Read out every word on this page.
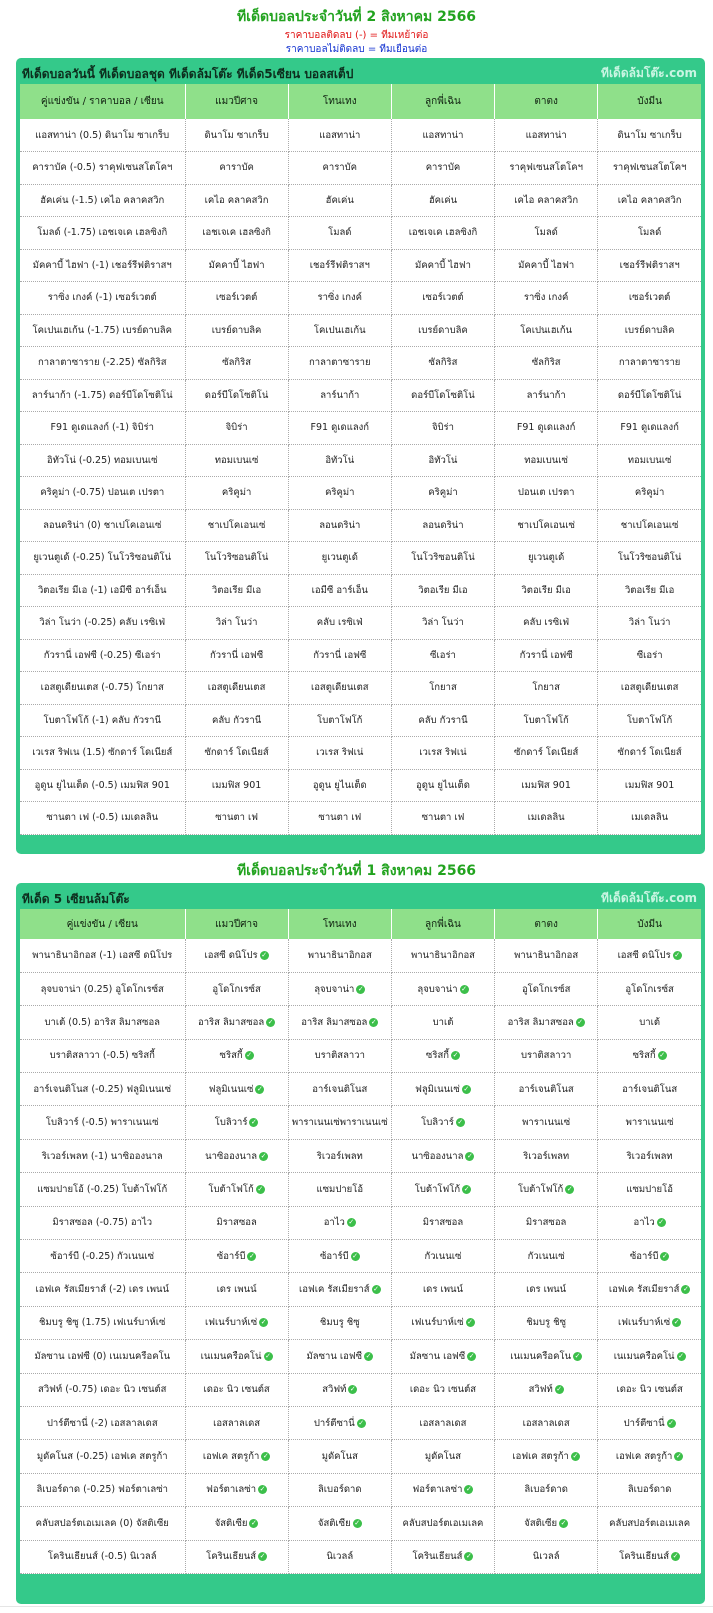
ทีเด็ดบอลประจำวันที่ 2 สิงหาคม 2566
ราคาบอลติดลบ (-) = ทีมเหย้าต่อ
ราคาบอลไม่ติดลบ = ทีมเยือนต่อ
ทีเด็ดบอลวันนี้ ทีเด็ดบอลชุด ทีเด็ดล้มโต๊ะ ทีเด็ด5เซียน บอลสเต็ป	ทีเด็ดล้มโต๊ะ.com
คู่แข่งขัน / ราคาบอล / เซียน	แมวปีศาจ	โทนเทง	ลูกพี่เฉิน	ตาตง	บังมีน
แอสทาน่า (0.5) ดินาโม ซาเกร็บ	ดินาโม ซาเกร็บ	แอสทาน่า	แอสทาน่า	แอสทาน่า	ดินาโม ซาเกร็บ
คาราบัค (-0.5) ราคุฟเซนสโตโคฯ	คาราบัค	คาราบัค	คาราบัค	ราคุฟเซนสโตโคฯ	ราคุฟเซนสโตโคฯ
ฮัคเค่น (-1.5) เคไอ คลาคสวิก	เคไอ คลาคสวิก	ฮัคเค่น	ฮัคเค่น	เคไอ คลาคสวิก	เคไอ คลาคสวิก
โมลด์ (-1.75) เอชเจเค เฮลซิงกิ	เอชเจเค เฮลซิงกิ	โมลด์	เอชเจเค เฮลซิงกิ	โมลด์	โมลด์
มัคคาบี้ ไฮฟา (-1) เชอร์รีฟติราสฯ	มัคคาบี้ ไฮฟา	เชอร์รีฟติราสฯ	มัคคาบี้ ไฮฟา	มัคคาบี้ ไฮฟา	เชอร์รีฟติราสฯ
ราซิ่ง เกงค์ (-1) เซอร์เวตต์	เซอร์เวตต์	ราซิ่ง เกงค์	เซอร์เวตต์	ราซิ่ง เกงค์	เซอร์เวตต์
โคเปนเฮเก้น (-1.75) เบรย์ดาบลิค	เบรย์ดาบลิค	โคเปนเฮเก้น	เบรย์ดาบลิค	โคเปนเฮเก้น	เบรย์ดาบลิค
กาลาตาซาราย (-2.25) ซัลกิริส	ซัลกิริส	กาลาตาซาราย	ซัลกิริส	ซัลกิริส	กาลาตาซาราย
ลาร์นาก้า (-1.75) ดอร์บีโดโซติโน่	ดอร์บีโดโซติโน่	ลาร์นาก้า	ดอร์บีโดโซติโน่	ลาร์นาก้า	ดอร์บีโดโซติโน่
F91 ดูเดแลงก์ (-1) จิบิร่า	จิบิร่า	F91 ดูเดแลงก์	จิบิร่า	F91 ดูเดแลงก์	F91 ดูเดแลงก์
อิทัวโน่ (-0.25) ทอมเบนเซ่	ทอมเบนเซ่	อิทัวโน่	อิทัวโน่	ทอมเบนเซ่	ทอมเบนเซ่
คริคูม่า (-0.75) ปอนเต เปรตา	คริคูม่า	คริคูม่า	คริคูม่า	ปอนเต เปรตา	คริคูม่า
ลอนดริน่า (0) ชาเปโคเอนเซ่	ชาเปโคเอนเซ่	ลอนดริน่า	ลอนดริน่า	ชาเปโคเอนเซ่	ชาเปโคเอนเซ่
ยูเวนตูเด้ (-0.25) โนโวริซอนติโน่	โนโวริซอนติโน่	ยูเวนตูเด้	โนโวริซอนติโน่	ยูเวนตูเด้	โนโวริซอนติโน่
วิตอเรีย มีเอ (-1) เอมีซี อาร์เอ็น	วิตอเรีย มีเอ	เอมีซี อาร์เอ็น	วิตอเรีย มีเอ	วิตอเรีย มีเอ	วิตอเรีย มีเอ
วิล่า โนว่า (-0.25) คลับ เรซิเฟ่	วิล่า โนว่า	คลับ เรซิเฟ่	วิล่า โนว่า	คลับ เรซิเฟ่	วิล่า โนว่า
กัวรานี่ เอฟซี (-0.25) ซีเอร่า	กัวรานี่ เอฟซี	กัวรานี่ เอฟซี	ซีเอร่า	กัวรานี่ เอฟซี	ซีเอร่า
เอสตูเดียนเตส (-0.75) โกยาส	เอสตูเดียนเตส	เอสตูเดียนเตส	โกยาส	โกยาส	เอสตูเดียนเตส
โบตาโฟโก้ (-1) คลับ กัวรานี	คลับ กัวรานี	โบตาโฟโก้	คลับ กัวรานี	โบตาโฟโก้	โบตาโฟโก้
เวเรส ริฟเน (1.5) ซักดาร์ โดเนียส์	ซักดาร์ โดเนียส์	เวเรส ริฟเน่	เวเรส ริฟเน่	ซักดาร์ โดเนียส์	ซักดาร์ โดเนียส์
อูดูน ยูไนเต็ด (-0.5) เมมฟิส 901	เมมฟิส 901	อูดูน ยูไนเต็ด	อูดูน ยูไนเต็ด	เมมฟิส 901	เมมฟิส 901
ซานตา เฟ (-0.5) เมเดลลิน	ซานตา เฟ	ซานตา เฟ	ซานตา เฟ	เมเดลลิน	เมเดลลิน
ทีเด็ดบอลประจำวันที่ 1 สิงหาคม 2566
ทีเด็ด 5 เซียนล้มโต๊ะ	ทีเด็ดล้มโต๊ะ.com
คู่แข่งขัน / เซียน	แมวปีศาจ	โทนเทง	ลูกพี่เฉิน	ตาตง	บังมีน
พานาธินาอิกอส (-1) เอสซี ดนิโปร	เอสซี ดนิโปร ✓	พานาธินาอิกอส	พานาธินาอิกอส	พานาธินาอิกอส	เอสซี ดนิโปร ✓
ลุจบจาน่า (0.25) อูโดโกเรซ์ส	อูโดโกเรซ์ส	ลุจบจาน่า ✓	ลุจบจาน่า ✓	อูโดโกเรซ์ส	อูโดโกเรซ์ส
บาเต้ (0.5) อาริส ลิมาสซอล	อาริส ลิมาสซอล ✓	อาริส ลิมาสซอล ✓	บาเต้	อาริส ลิมาสซอล ✓	บาเต้
บราติสลาวา (-0.5) ซริสกี้	ซริสกี้ ✓	บราติสลาวา	ซริสกี้ ✓	บราติสลาวา	ซริสกี้ ✓
อาร์เจนติโนส (-0.25) ฟลูมิเนนเซ่	ฟลูมิเนนเซ่ ✓	อาร์เจนติโนส	ฟลูมิเนนเซ่ ✓	อาร์เจนติโนส	อาร์เจนติโนส
โบลิวาร์ (-0.5) พาราเนนเซ่	โบลิวาร์ ✓	พาราเนนเซ่พาราเนนเซ่	โบลิวาร์ ✓	พาราเนนเซ่	พาราเนนเซ่
ริเวอร์เพลท (-1) นาซิอองนาล	นาซิอองนาล ✓	ริเวอร์เพลท	นาซิอองนาล ✓	ริเวอร์เพลท	ริเวอร์เพลท
แซมปายโอ้ (-0.25) โบต้าโฟโก้	โบต้าโฟโก้ ✓	แซมปายโอ้	โบต้าโฟโก้ ✓	โบต้าโฟโก้ ✓	แซมปายโอ้
มิราสซอล (-0.75) อาไว	มิราสซอล	อาไว ✓	มิราสซอล	มิราสซอล	อาไว ✓
ซ้อาร์บี (-0.25) กัวเนนเซ่	ซ้อาร์บี ✓	ซ้อาร์บี ✓	กัวเนนเซ่	กัวเนนเซ่	ซ้อาร์บี ✓
เอฟเค รัสเมียราส์ (-2) เดร เพนน์	เดร เพนน์	เอฟเค รัสเมียราส์ ✓	เดร เพนน์	เดร เพนน์	เอฟเค รัสเมียราส์ ✓
ชิมบรู ชิซู (1.75) เฟเนร์บาห์เซ่	เฟเนร์บาห์เซ่ ✓	ชิมบรู ชิซู	เฟเนร์บาห์เซ่ ✓	ชิมบรู ชิซู	เฟเนร์บาห์เซ่ ✓
มัลซาน เอฟซี (0) เนเมนครือคโน	เนเมนครือคโน่ ✓	มัลซาน เอฟซี ✓	มัลซาน เอฟซี ✓	เนเมนครือคโน ✓	เนเมนครือคโน่ ✓
สวิฟท์ (-0.75) เดอะ นิว เซนต์ส	เดอะ นิว เซนต์ส	สวิฟท์ ✓	เดอะ นิว เซนต์ส	สวิฟท์ ✓	เดอะ นิว เซนต์ส
ปาร์ตีซานี่ (-2) เอสลาลเดส	เอสลาลเดส	ปาร์ตีซานี่ ✓	เอสลาลเดส	เอสลาลเดส	ปาร์ตีซานี่ ✓
มูดัคโนส (-0.25) เอฟเค สตรูก้า	เอฟเค สตรูก้า ✓	มูดัคโนส	มูดัคโนส	เอฟเค สตรูก้า ✓	เอฟเค สตรูก้า ✓
ลิเบอร์ดาด (-0.25) ฟอร์ตาเลซ่า	ฟอร์ตาเลซ่า ✓	ลิเบอร์ดาด	ฟอร์ตาเลซ่า ✓	ลิเบอร์ดาด	ลิเบอร์ดาด
คลับสปอร์ตเอเมเลค (0) จัสติเซีย	จัสติเซีย ✓	จัสติเซีย ✓	คลับสปอร์ตเอเมเลค	จัสติเซีย ✓	คลับสปอร์ตเอเมเลค
โครินเธียนส์ (-0.5) นิเวลล์	โครินเธียนส์ ✓	นิเวลล์	โครินเธียนส์ ✓	นิเวลล์	โครินเธียนส์ ✓
